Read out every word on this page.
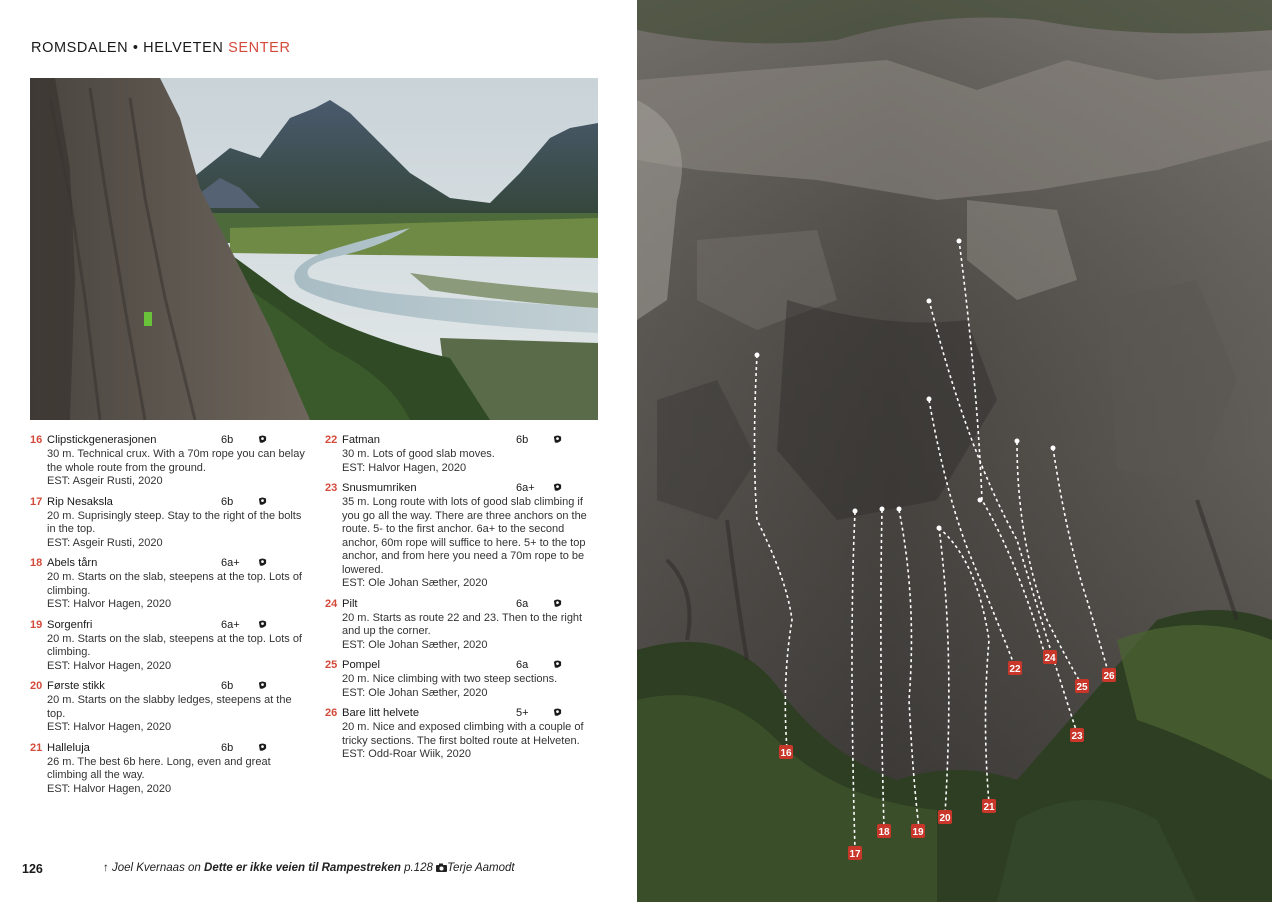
ROMSDALEN • HELVETEN SENTER
16 Clipstickgenerasjonen	6b
30 m. Technical crux. With a 70m rope you can belay the whole route from the ground.
EST: Asgeir Rusti, 2020
17 Rip Nesaksla	6b
20 m. Suprisingly steep. Stay to the right of the bolts in the top.
EST: Asgeir Rusti, 2020
18 Abels tårn	6a+
20 m. Starts on the slab, steepens at the top. Lots of climbing.
EST: Halvor Hagen, 2020
19 Sorgenfri	6a+
20 m. Starts on the slab, steepens at the top. Lots of climbing.
EST: Halvor Hagen, 2020
20 Første stikk	6b
20 m. Starts on the slabby ledges, steepens at the top.
EST: Halvor Hagen, 2020
21 Halleluja	6b
26 m. The best 6b here. Long, even and great climbing all the way.
EST: Halvor Hagen, 2020
22 Fatman	6b
30 m. Lots of good slab moves.
EST: Halvor Hagen, 2020
23 Snusmumriken	6a+
35 m. Long route with lots of good slab climbing if you go all the way. There are three anchors on the route. 5- to the first anchor. 6a+ to the second anchor, 60m rope will suffice to here. 5+ to the top anchor, and from here you need a 70m rope to be lowered.
EST: Ole Johan Sæther, 2020
24 Pilt	6a
20 m. Starts as route 22 and 23. Then to the right and up the corner.
EST: Ole Johan Sæther, 2020
25 Pompel	6a
20 m. Nice climbing with two steep sections.
EST: Ole Johan Sæther, 2020
26 Bare litt helvete	5+
20 m. Nice and exposed climbing with a couple of tricky sections. The first bolted route at Helveten.
EST: Odd-Roar Wiik, 2020
126	↑ Joel Kvernaas on Dette er ikke veien til Rampestreken p.128 Terje Aamodt
16
17
18 19
20
21
22
23
24
25
26
